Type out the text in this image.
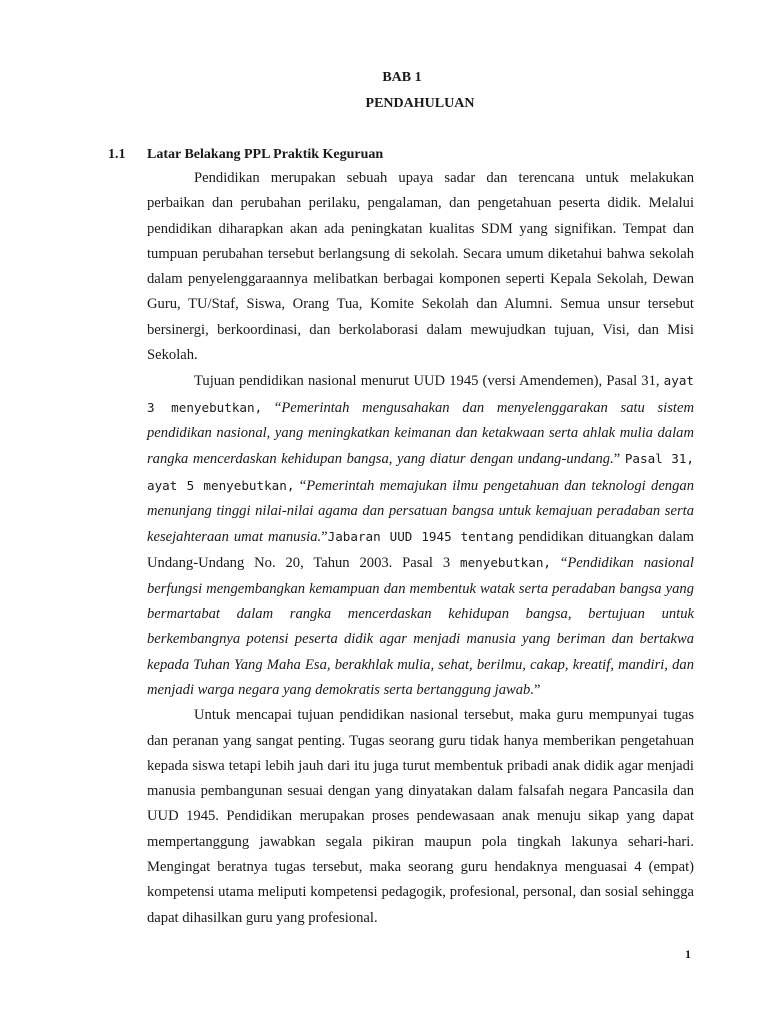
BAB 1
PENDAHULUAN
1.1 Latar Belakang PPL Praktik Keguruan

Pendidikan merupakan sebuah upaya sadar dan terencana untuk melakukan perbaikan dan perubahan perilaku, pengalaman, dan pengetahuan peserta didik. Melalui pendidikan diharapkan akan ada peningkatan kualitas SDM yang signifikan. Tempat dan tumpuan perubahan tersebut berlangsung di sekolah. Secara umum diketahui bahwa sekolah dalam penyelenggaraannya melibatkan berbagai komponen seperti Kepala Sekolah, Dewan Guru, TU/Staf, Siswa, Orang Tua, Komite Sekolah dan Alumni. Semua unsur tersebut bersinergi, berkoordinasi, dan berkolaborasi dalam mewujudkan tujuan, Visi, dan Misi Sekolah.

Tujuan pendidikan nasional menurut UUD 1945 (versi Amendemen), Pasal 31, ayat 3 menyebutkan, “Pemerintah mengusahakan dan menyelenggarakan satu sistem pendidikan nasional, yang meningkatkan keimanan dan ketakwaan serta ahlak mulia dalam rangka mencerdaskan kehidupan bangsa, yang diatur dengan undang-undang.” Pasal 31, ayat 5 menyebutkan, “Pemerintah memajukan ilmu pengetahuan dan teknologi dengan menunjang tinggi nilai-nilai agama dan persatuan bangsa untuk kemajuan peradaban serta kesejahteraan umat manusia.”Jabaran UUD 1945 tentang pendidikan dituangkan dalam Undang-Undang No. 20, Tahun 2003. Pasal 3 menyebutkan, “Pendidikan nasional berfungsi mengembangkan kemampuan dan membentuk watak serta peradaban bangsa yang bermartabat dalam rangka mencerdaskan kehidupan bangsa, bertujuan untuk berkembangnya potensi peserta didik agar menjadi manusia yang beriman dan bertakwa kepada Tuhan Yang Maha Esa, berakhlak mulia, sehat, berilmu, cakap, kreatif, mandiri, dan menjadi warga negara yang demokratis serta bertanggung jawab.”

Untuk mencapai tujuan pendidikan nasional tersebut, maka guru mempunyai tugas dan peranan yang sangat penting. Tugas seorang guru tidak hanya memberikan pengetahuan kepada siswa tetapi lebih jauh dari itu juga turut membentuk pribadi anak didik agar menjadi manusia pembangunan sesuai dengan yang dinyatakan dalam falsafah negara Pancasila dan UUD 1945. Pendidikan merupakan proses pendewasaan anak menuju sikap yang dapat mempertanggung jawabkan segala pikiran maupun pola tingkah lakunya sehari-hari. Mengingat beratnya tugas tersebut, maka seorang guru hendaknya menguasai 4 (empat) kompetensi utama meliputi kompetensi pedagogik, profesional, personal, dan sosial sehingga dapat dihasilkan guru yang profesional.

1
